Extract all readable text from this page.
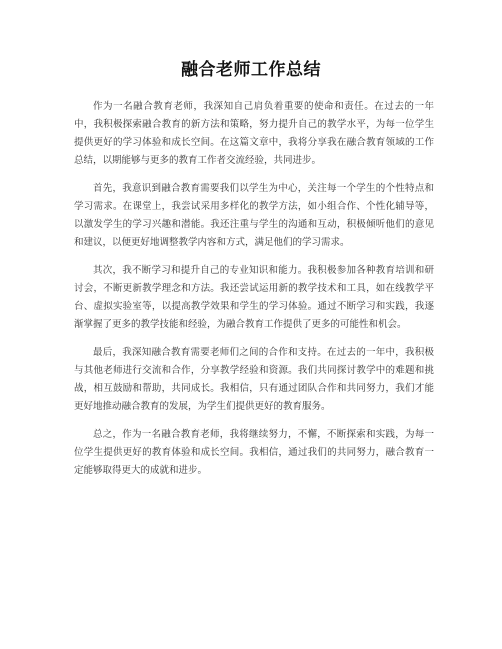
融合老师工作总结

作为一名融合教育老师，我深知自己肩负着重要的使命和责任。在过去的一年中，我积极探索融合教育的新方法和策略，努力提升自己的教学水平，为每一位学生提供更好的学习体验和成长空间。在这篇文章中，我将分享我在融合教育领域的工作总结，以期能够与更多的教育工作者交流经验，共同进步。

首先，我意识到融合教育需要我们以学生为中心，关注每一个学生的个性特点和学习需求。在课堂上，我尝试采用多样化的教学方法，如小组合作、个性化辅导等，以激发学生的学习兴趣和潜能。我还注重与学生的沟通和互动，积极倾听他们的意见和建议，以便更好地调整教学内容和方式，满足他们的学习需求。

其次，我不断学习和提升自己的专业知识和能力。我积极参加各种教育培训和研讨会，不断更新教学理念和方法。我还尝试运用新的教学技术和工具，如在线教学平台、虚拟实验室等，以提高教学效果和学生的学习体验。通过不断学习和实践，我逐渐掌握了更多的教学技能和经验，为融合教育工作提供了更多的可能性和机会。

最后，我深知融合教育需要老师们之间的合作和支持。在过去的一年中，我积极与其他老师进行交流和合作，分享教学经验和资源。我们共同探讨教学中的难题和挑战，相互鼓励和帮助，共同成长。我相信，只有通过团队合作和共同努力，我们才能更好地推动融合教育的发展，为学生们提供更好的教育服务。

总之，作为一名融合教育老师，我将继续努力，不懈，不断探索和实践，为每一位学生提供更好的教育体验和成长空间。我相信，通过我们的共同努力，融合教育一定能够取得更大的成就和进步。
